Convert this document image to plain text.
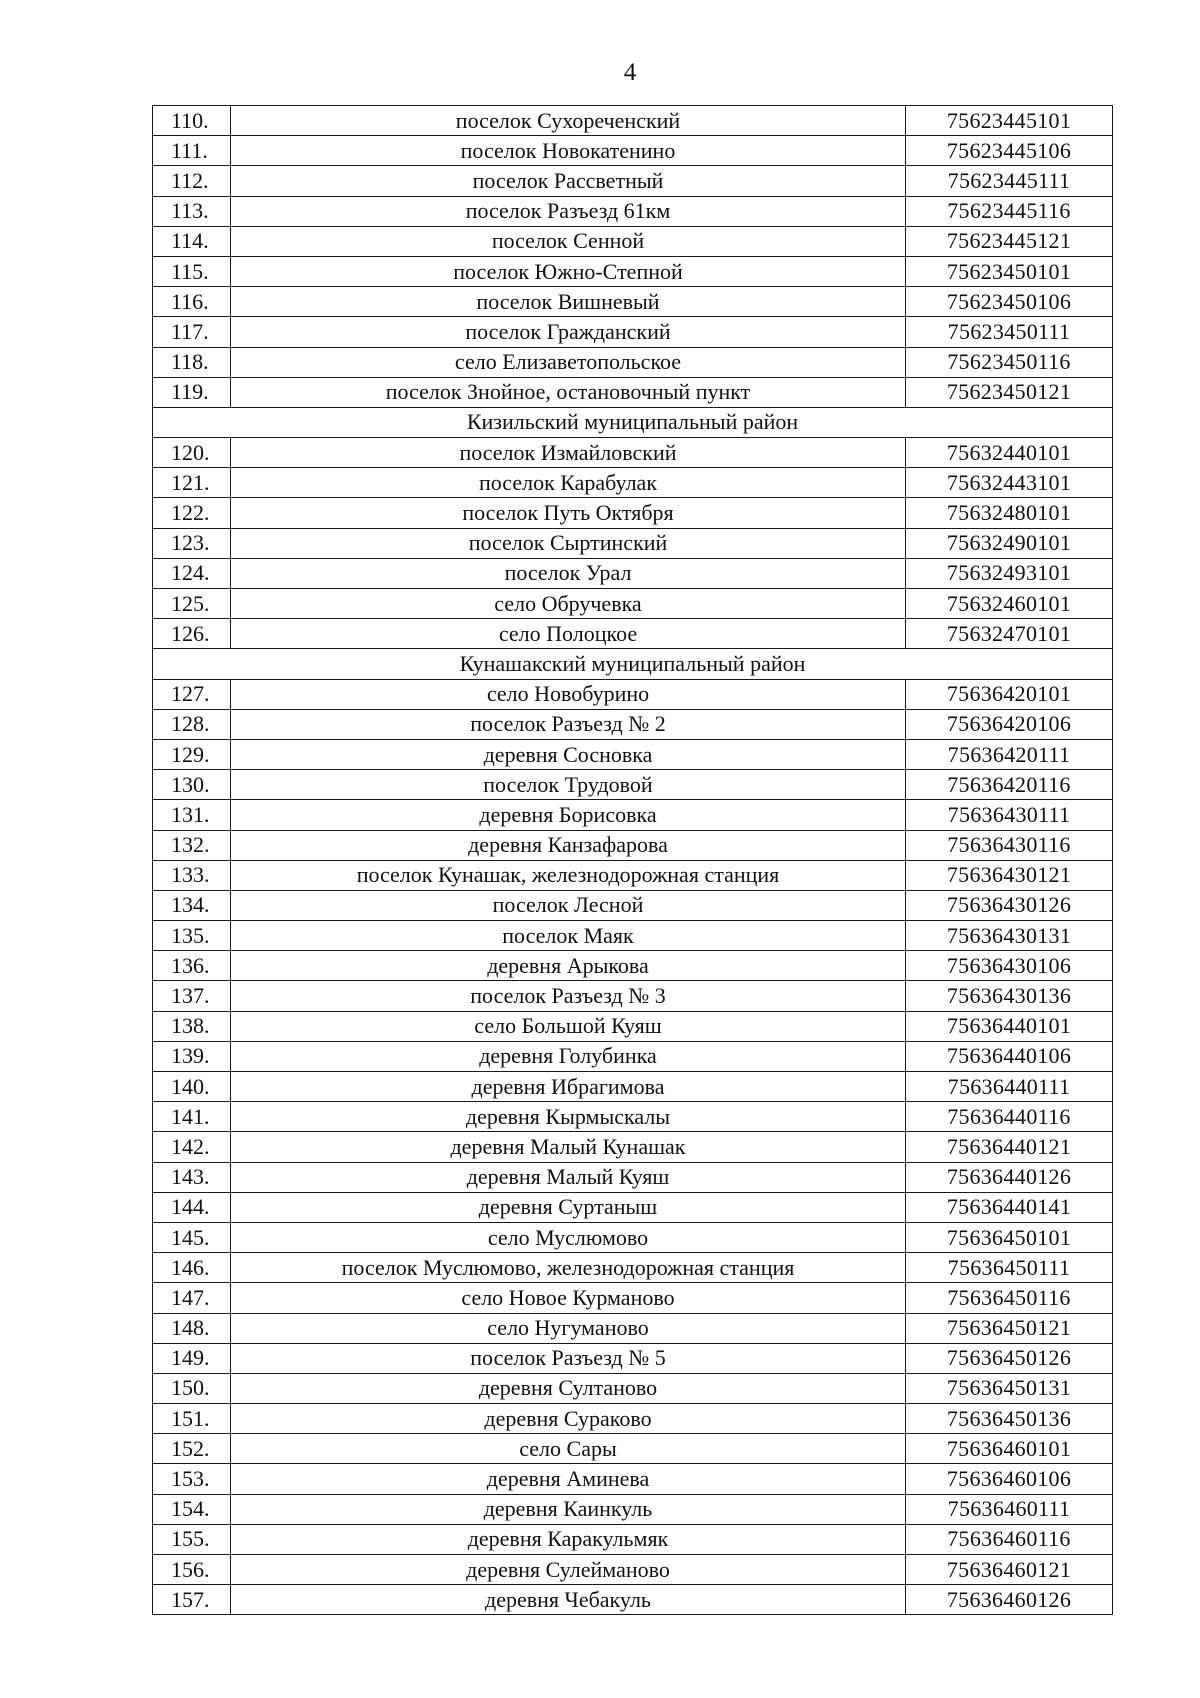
4
110.	поселок Сухореченский	75623445101
111.	поселок Новокатенино	75623445106
112.	поселок Рассветный	75623445111
113.	поселок Разъезд 61км	75623445116
114.	поселок Сенной	75623445121
115.	поселок Южно-Степной	75623450101
116.	поселок Вишневый	75623450106
117.	поселок Гражданский	75623450111
118.	село Елизаветопольское	75623450116
119.	поселок Знойное, остановочный пункт	75623450121
Кизильский муниципальный район		
120.	поселок Измайловский	75632440101
121.	поселок Карабулак	75632443101
122.	поселок Путь Октября	75632480101
123.	поселок Сыртинский	75632490101
124.	поселок Урал	75632493101
125.	село Обручевка	75632460101
126.	село Полоцкое	75632470101
Кунашакский муниципальный район		
127.	село Новобурино	75636420101
128.	поселок Разъезд № 2	75636420106
129.	деревня Сосновка	75636420111
130.	поселок Трудовой	75636420116
131.	деревня Борисовка	75636430111
132.	деревня Канзафарова	75636430116
133.	поселок Кунашак, железнодорожная станция	75636430121
134.	поселок Лесной	75636430126
135.	поселок Маяк	75636430131
136.	деревня Арыкова	75636430106
137.	поселок Разъезд № 3	75636430136
138.	село Большой Куяш	75636440101
139.	деревня Голубинка	75636440106
140.	деревня Ибрагимова	75636440111
141.	деревня Кырмыскалы	75636440116
142.	деревня Малый Кунашак	75636440121
143.	деревня Малый Куяш	75636440126
144.	деревня Суртаныш	75636440141
145.	село Муслюмово	75636450101
146.	поселок Муслюмово, железнодорожная станция	75636450111
147.	село Новое Курманово	75636450116
148.	село Нугуманово	75636450121
149.	поселок Разъезд № 5	75636450126
150.	деревня Султаново	75636450131
151.	деревня Сураково	75636450136
152.	село Сары	75636460101
153.	деревня Аминева	75636460106
154.	деревня Каинкуль	75636460111
155.	деревня Каракульмяк	75636460116
156.	деревня Сулейманово	75636460121
157.	деревня Чебакуль	75636460126
